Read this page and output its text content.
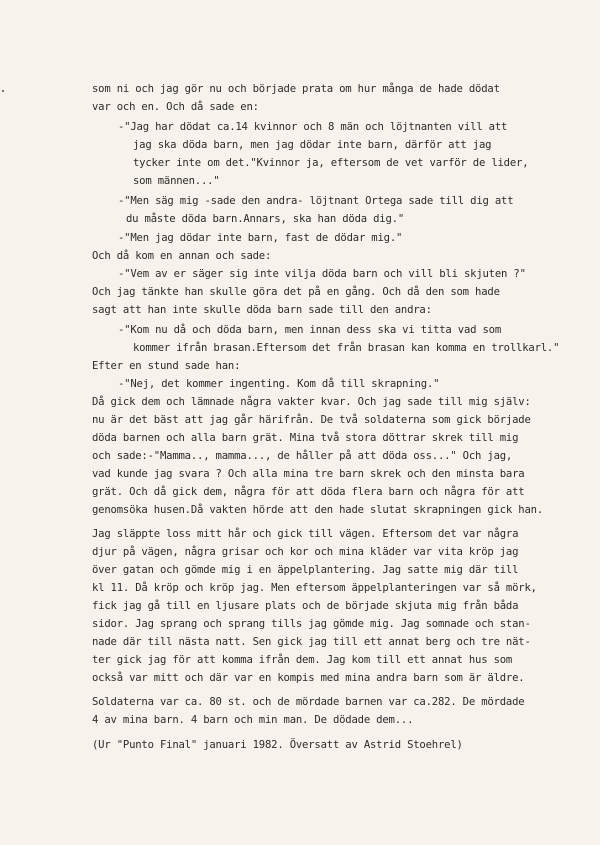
som ni och jag gör nu och började prata om hur många de hade dödat
var och en. Och då sade en:
-"Jag har dödat ca.14 kvinnor och 8 män och löjtnanten vill att
jag ska döda barn, men jag dödar inte barn, därför att jag
tycker inte om det."Kvinnor ja, eftersom de vet varför de lider,
som männen..."
-"Men säg mig -sade den andra- löjtnant Ortega sade till dig att
du måste döda barn.Annars, ska han döda dig."
-"Men jag dödar inte barn, fast de dödar mig."
Och då kom en annan och sade:
-"Vem av er säger sig inte vilja döda barn och vill bli skjuten ?"
Och jag tänkte han skulle göra det på en gång. Och då den som hade
sagt att han inte skulle döda barn sade till den andra:
-"Kom nu då och döda barn, men innan dess ska vi titta vad som
kommer ifrån brasan.Eftersom det från brasan kan komma en trollkarl."
Efter en stund sade han:
-"Nej, det kommer ingenting. Kom då till skrapning."
Då gick dem och lämnade några vakter kvar. Och jag sade till mig själv:
nu är det bäst att jag går härifrån. De två soldaterna som gick började
döda barnen och alla barn grät. Mina två stora döttrar skrek till mig
och sade:-"Mamma.., mamma..., de håller på att döda oss..." Och jag,
vad kunde jag svara ? Och alla mina tre barn skrek och den minsta bara
grät. Och då gick dem, några för att döda flera barn och några för att
genomsöka husen.Då vakten hörde att den hade slutat skrapningen gick han.
Jag släppte loss mitt hår och gick till vägen. Eftersom det var några
djur på vägen, några grisar och kor och mina kläder var vita kröp jag
över gatan och gömde mig i en äppelplantering. Jag satte mig där till
kl 11. Då kröp och kröp jag. Men eftersom äppelplanteringen var så mörk,
fick jag gå till en ljusare plats och de började skjuta mig från båda
sidor. Jag sprang och sprang tills jag gömde mig. Jag somnade och stan-
nade där till nästa natt. Sen gick jag till ett annat berg och tre nät-
ter gick jag för att komma ifrån dem. Jag kom till ett annat hus som
också var mitt och där var en kompis med mina andra barn som är äldre.
Soldaterna var ca. 80 st. och de mördade barnen var ca.282. De mördade
4 av mina barn. 4 barn och min man. De dödade dem...
(Ur "Punto Final" januari 1982. Översatt av Astrid Stoehrel)
